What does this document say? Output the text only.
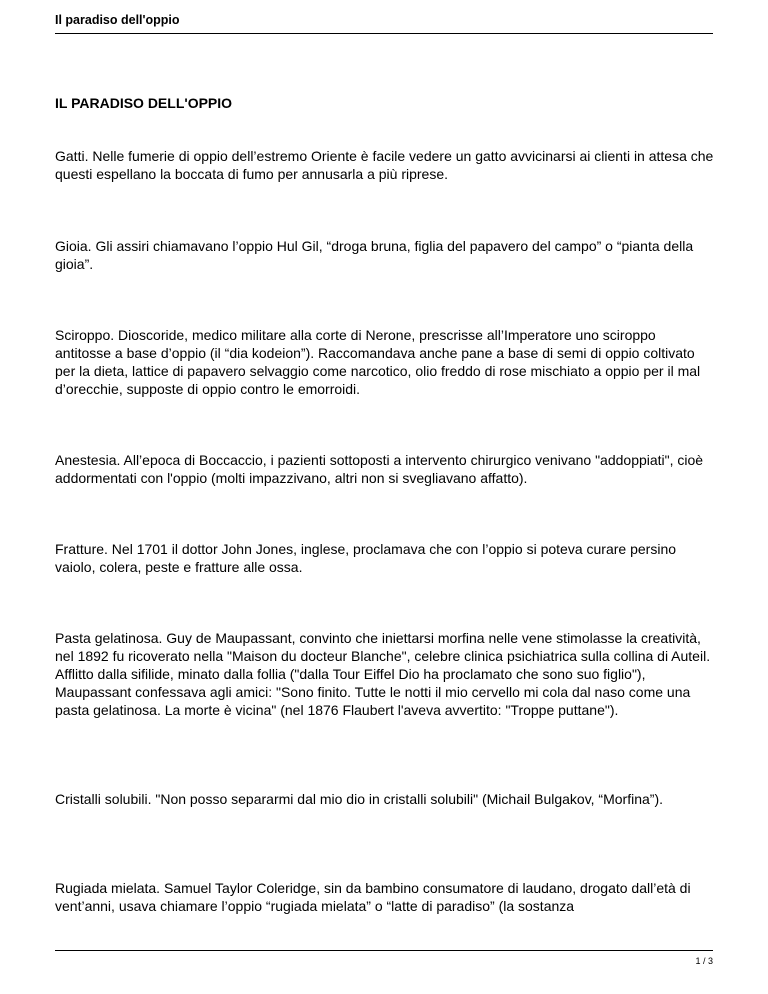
Il paradiso dell'oppio
IL PARADISO DELL'OPPIO

Gatti. Nelle fumerie di oppio dell’estremo Oriente è facile vedere un gatto avvicinarsi ai clienti in attesa che questi espellano la boccata di fumo per annusarla a più riprese.

Gioia. Gli assiri chiamavano l’oppio Hul Gil, “droga bruna, figlia del papavero del campo” o “pianta della gioia”.

Sciroppo. Dioscoride, medico militare alla corte di Nerone, prescrisse all’Imperatore uno sciroppo antitosse a base d’oppio (il “dia kodeion”). Raccomandava anche pane a base di semi di oppio coltivato per la dieta, lattice di papavero selvaggio come narcotico, olio freddo di rose mischiato a oppio per il mal d’orecchie, supposte di oppio contro le emorroidi.

Anestesia. All’epoca di Boccaccio, i pazienti sottoposti a intervento chirurgico venivano "addoppiati", cioè addormentati con l'oppio (molti impazzivano, altri non si svegliavano affatto).

Fratture. Nel 1701 il dottor John Jones, inglese, proclamava che con l’oppio si poteva curare persino vaiolo, colera, peste e fratture alle ossa.

Pasta gelatinosa. Guy de Maupassant, convinto che iniettarsi morfina nelle vene stimolasse la creatività, nel 1892 fu ricoverato nella "Maison du docteur Blanche", celebre clinica psichiatrica sulla collina di Auteil. Afflitto dalla sifilide, minato dalla follia ("dalla Tour Eiffel Dio ha proclamato che sono suo figlio"), Maupassant confessava agli amici: "Sono finito. Tutte le notti il mio cervello mi cola dal naso come una pasta gelatinosa. La morte è vicina" (nel 1876 Flaubert l'aveva avvertito: "Troppe puttane").

Cristalli solubili. "Non posso separarmi dal mio dio in cristalli solubili" (Michail Bulgakov, “Morfina”).

Rugiada mielata. Samuel Taylor Coleridge, sin da bambino consumatore di laudano, drogato dall’età di vent’anni, usava chiamare l’oppio “rugiada mielata” o “latte di paradiso” (la sostanza

1 / 3
